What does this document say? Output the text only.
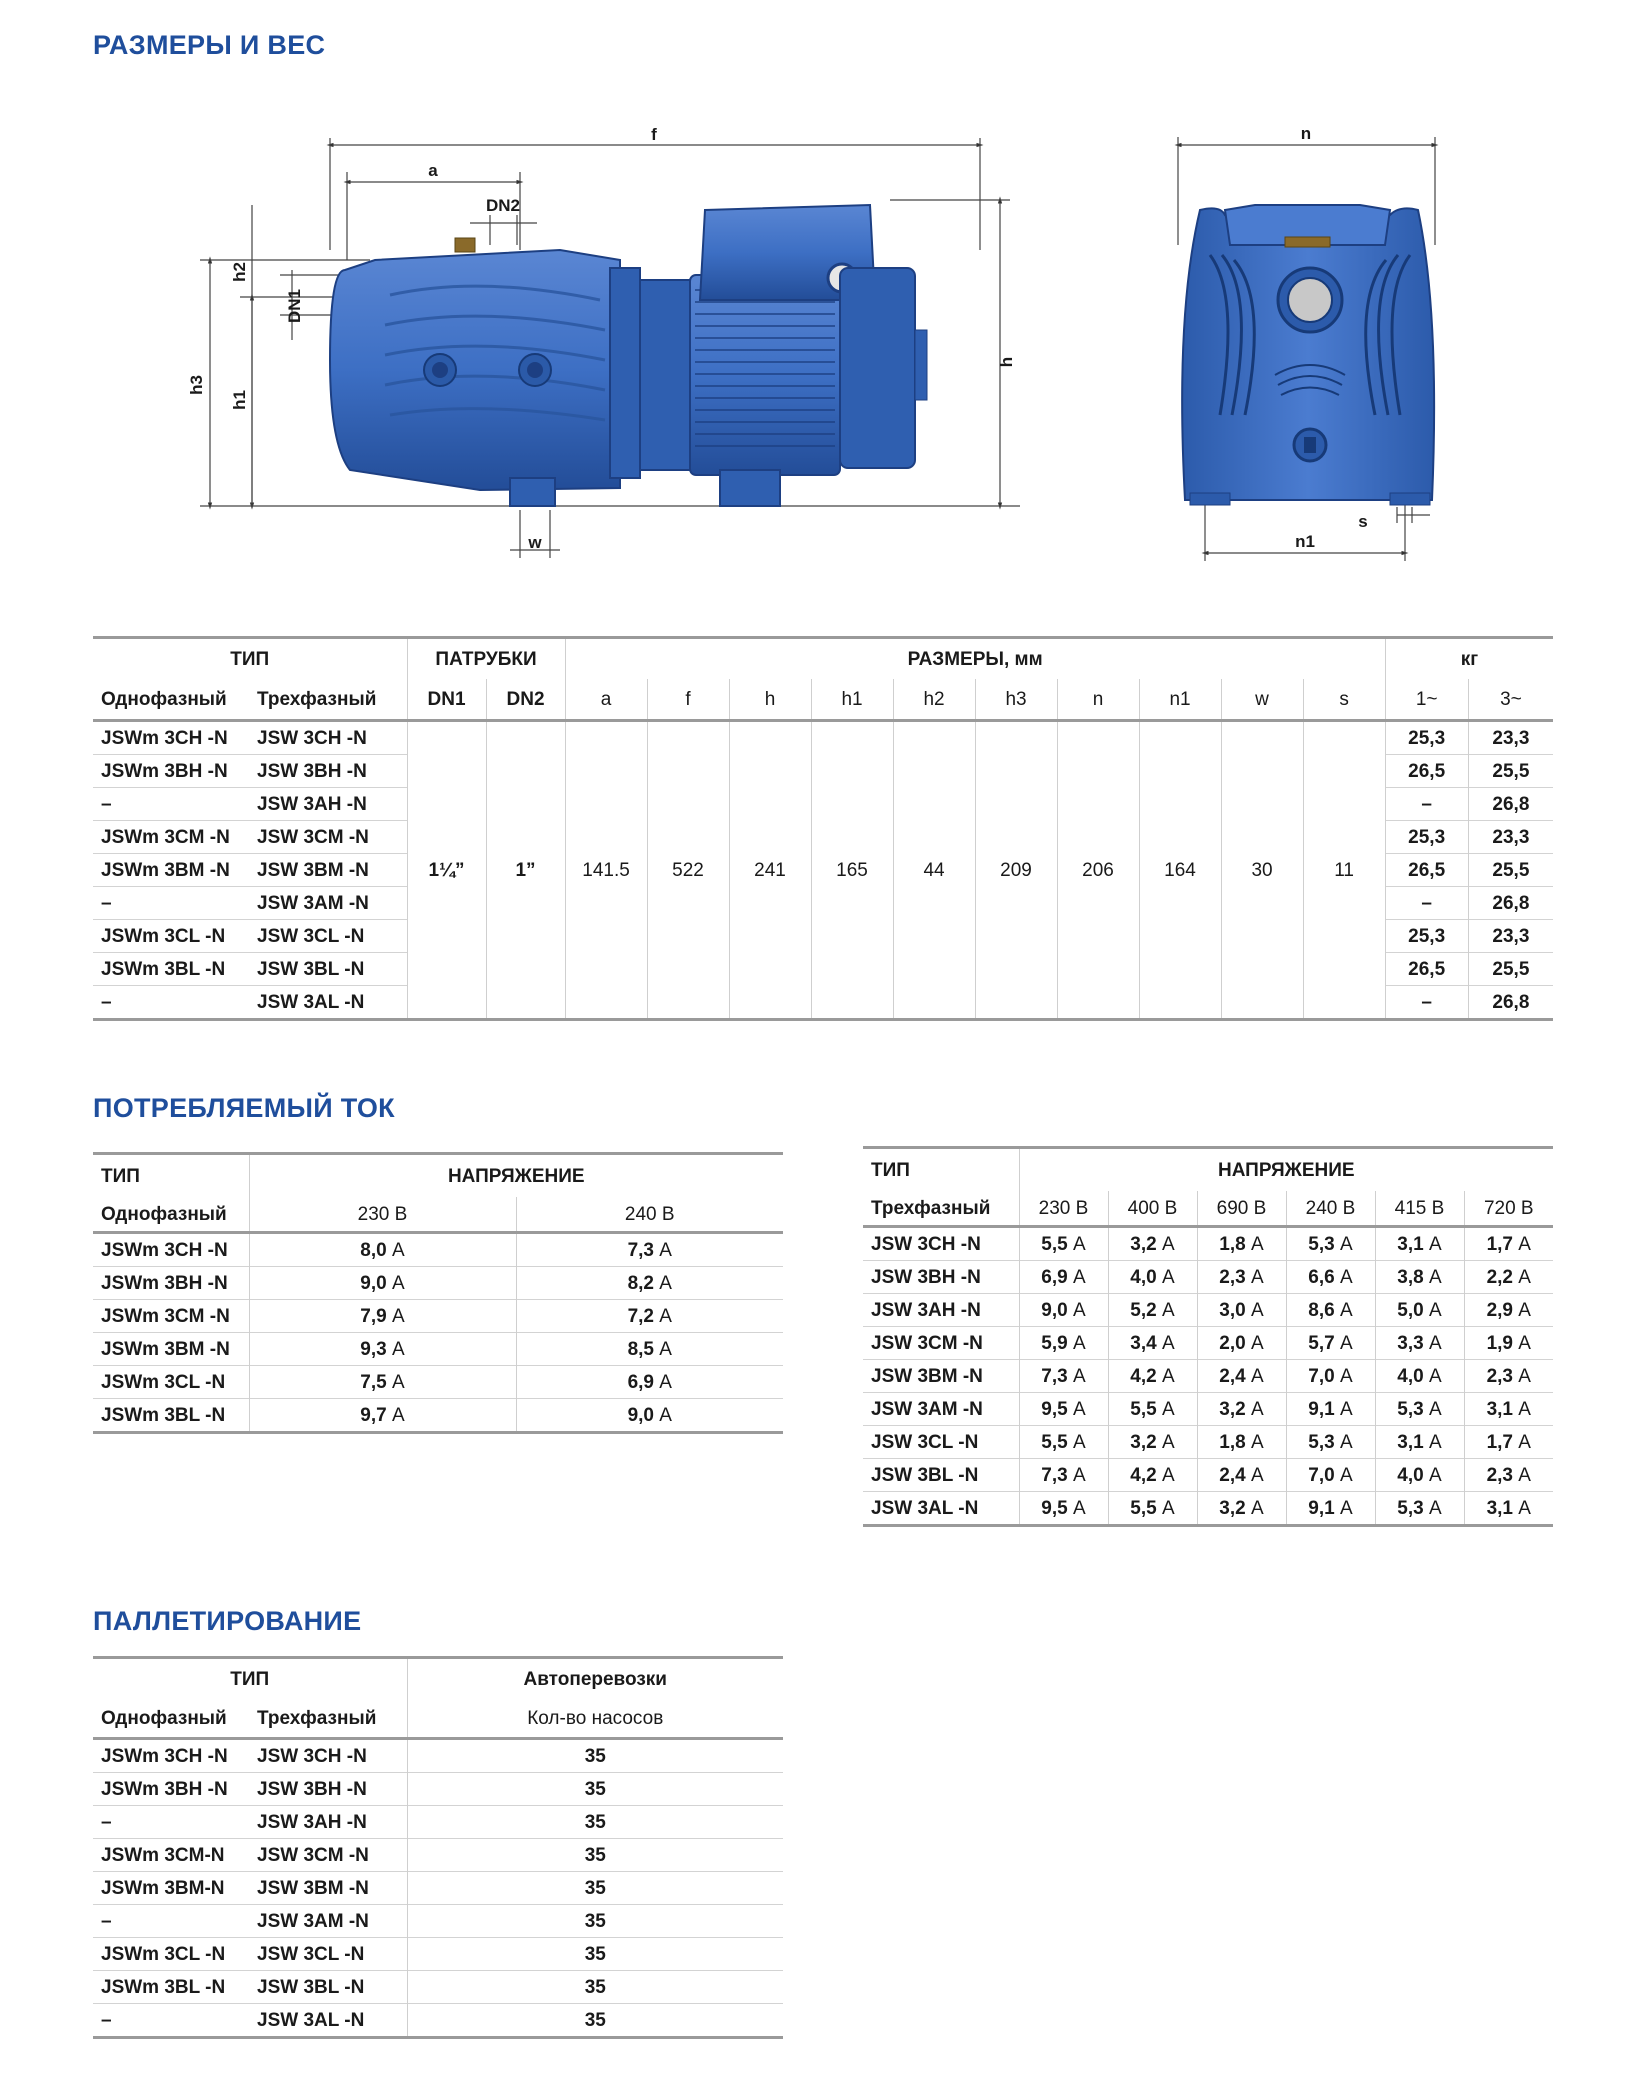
РАЗМЕРЫ И ВЕС
f
a
DN2
DN1
h
h1
h2
h3
w
n
n1
s
ТИП		ПАТРУБКИ		РАЗМЕРЫ, мм										кг	
Однофазный	Трехфазный	DN1	DN2	a	f	h	h1	h2	h3	n	n1	w	s	1~	3~
JSWm 3CH -N	JSW 3CH -N	1¼”	1”	141.5	522	241	165	44	209	206	164	30	11	25,3	23,3
JSWm 3BH -N	JSW 3BH -N													26,5	25,5
–	JSW 3AH -N													–	26,8
JSWm 3CM -N	JSW 3CM -N													25,3	23,3
JSWm 3BM -N	JSW 3BM -N													26,5	25,5
–	JSW 3AM -N													–	26,8
JSWm 3CL -N	JSW 3CL -N													25,3	23,3
JSWm 3BL -N	JSW 3BL -N													26,5	25,5
–	JSW 3AL -N													–	26,8
ПОТРЕБЛЯЕМЫЙ ТОК
ТИП	НАПРЯЖЕНИЕ	
Однофазный	230 В	240 В
JSWm 3CH -N	8,0 A	7,3 A
JSWm 3BH -N	9,0 A	8,2 A
JSWm 3CM -N	7,9 A	7,2 A
JSWm 3BM -N	9,3 A	8,5 A
JSWm 3CL -N	7,5 A	6,9 A
JSWm 3BL -N	9,7 A	9,0 A
ТИП	НАПРЯЖЕНИЕ					
Трехфазный	230 В	400 В	690 В	240 В	415 В	720 В
JSW 3CH -N	5,5 A	3,2 A	1,8 A	5,3 A	3,1 A	1,7 A
JSW 3BH -N	6,9 A	4,0 A	2,3 A	6,6 A	3,8 A	2,2 A
JSW 3AH -N	9,0 A	5,2 A	3,0 A	8,6 A	5,0 A	2,9 A
JSW 3CM -N	5,9 A	3,4 A	2,0 A	5,7 A	3,3 A	1,9 A
JSW 3BM -N	7,3 A	4,2 A	2,4 A	7,0 A	4,0 A	2,3 A
JSW 3AM -N	9,5 A	5,5 A	3,2 A	9,1 A	5,3 A	3,1 A
JSW 3CL -N	5,5 A	3,2 A	1,8 A	5,3 A	3,1 A	1,7 A
JSW 3BL -N	7,3 A	4,2 A	2,4 A	7,0 A	4,0 A	2,3 A
JSW 3AL -N	9,5 A	5,5 A	3,2 A	9,1 A	5,3 A	3,1 A
ПАЛЛЕТИРОВАНИЕ
ТИП		Автоперевозки
Однофазный	Трехфазный	Кол-во насосов
JSWm 3CH -N	JSW 3CH -N	35
JSWm 3BH -N	JSW 3BH -N	35
–	JSW 3AH -N	35
JSWm 3CM-N	JSW 3CM -N	35
JSWm 3BM-N	JSW 3BM -N	35
–	JSW 3AM -N	35
JSWm 3CL -N	JSW 3CL -N	35
JSWm 3BL -N	JSW 3BL -N	35
–	JSW 3AL -N	35
